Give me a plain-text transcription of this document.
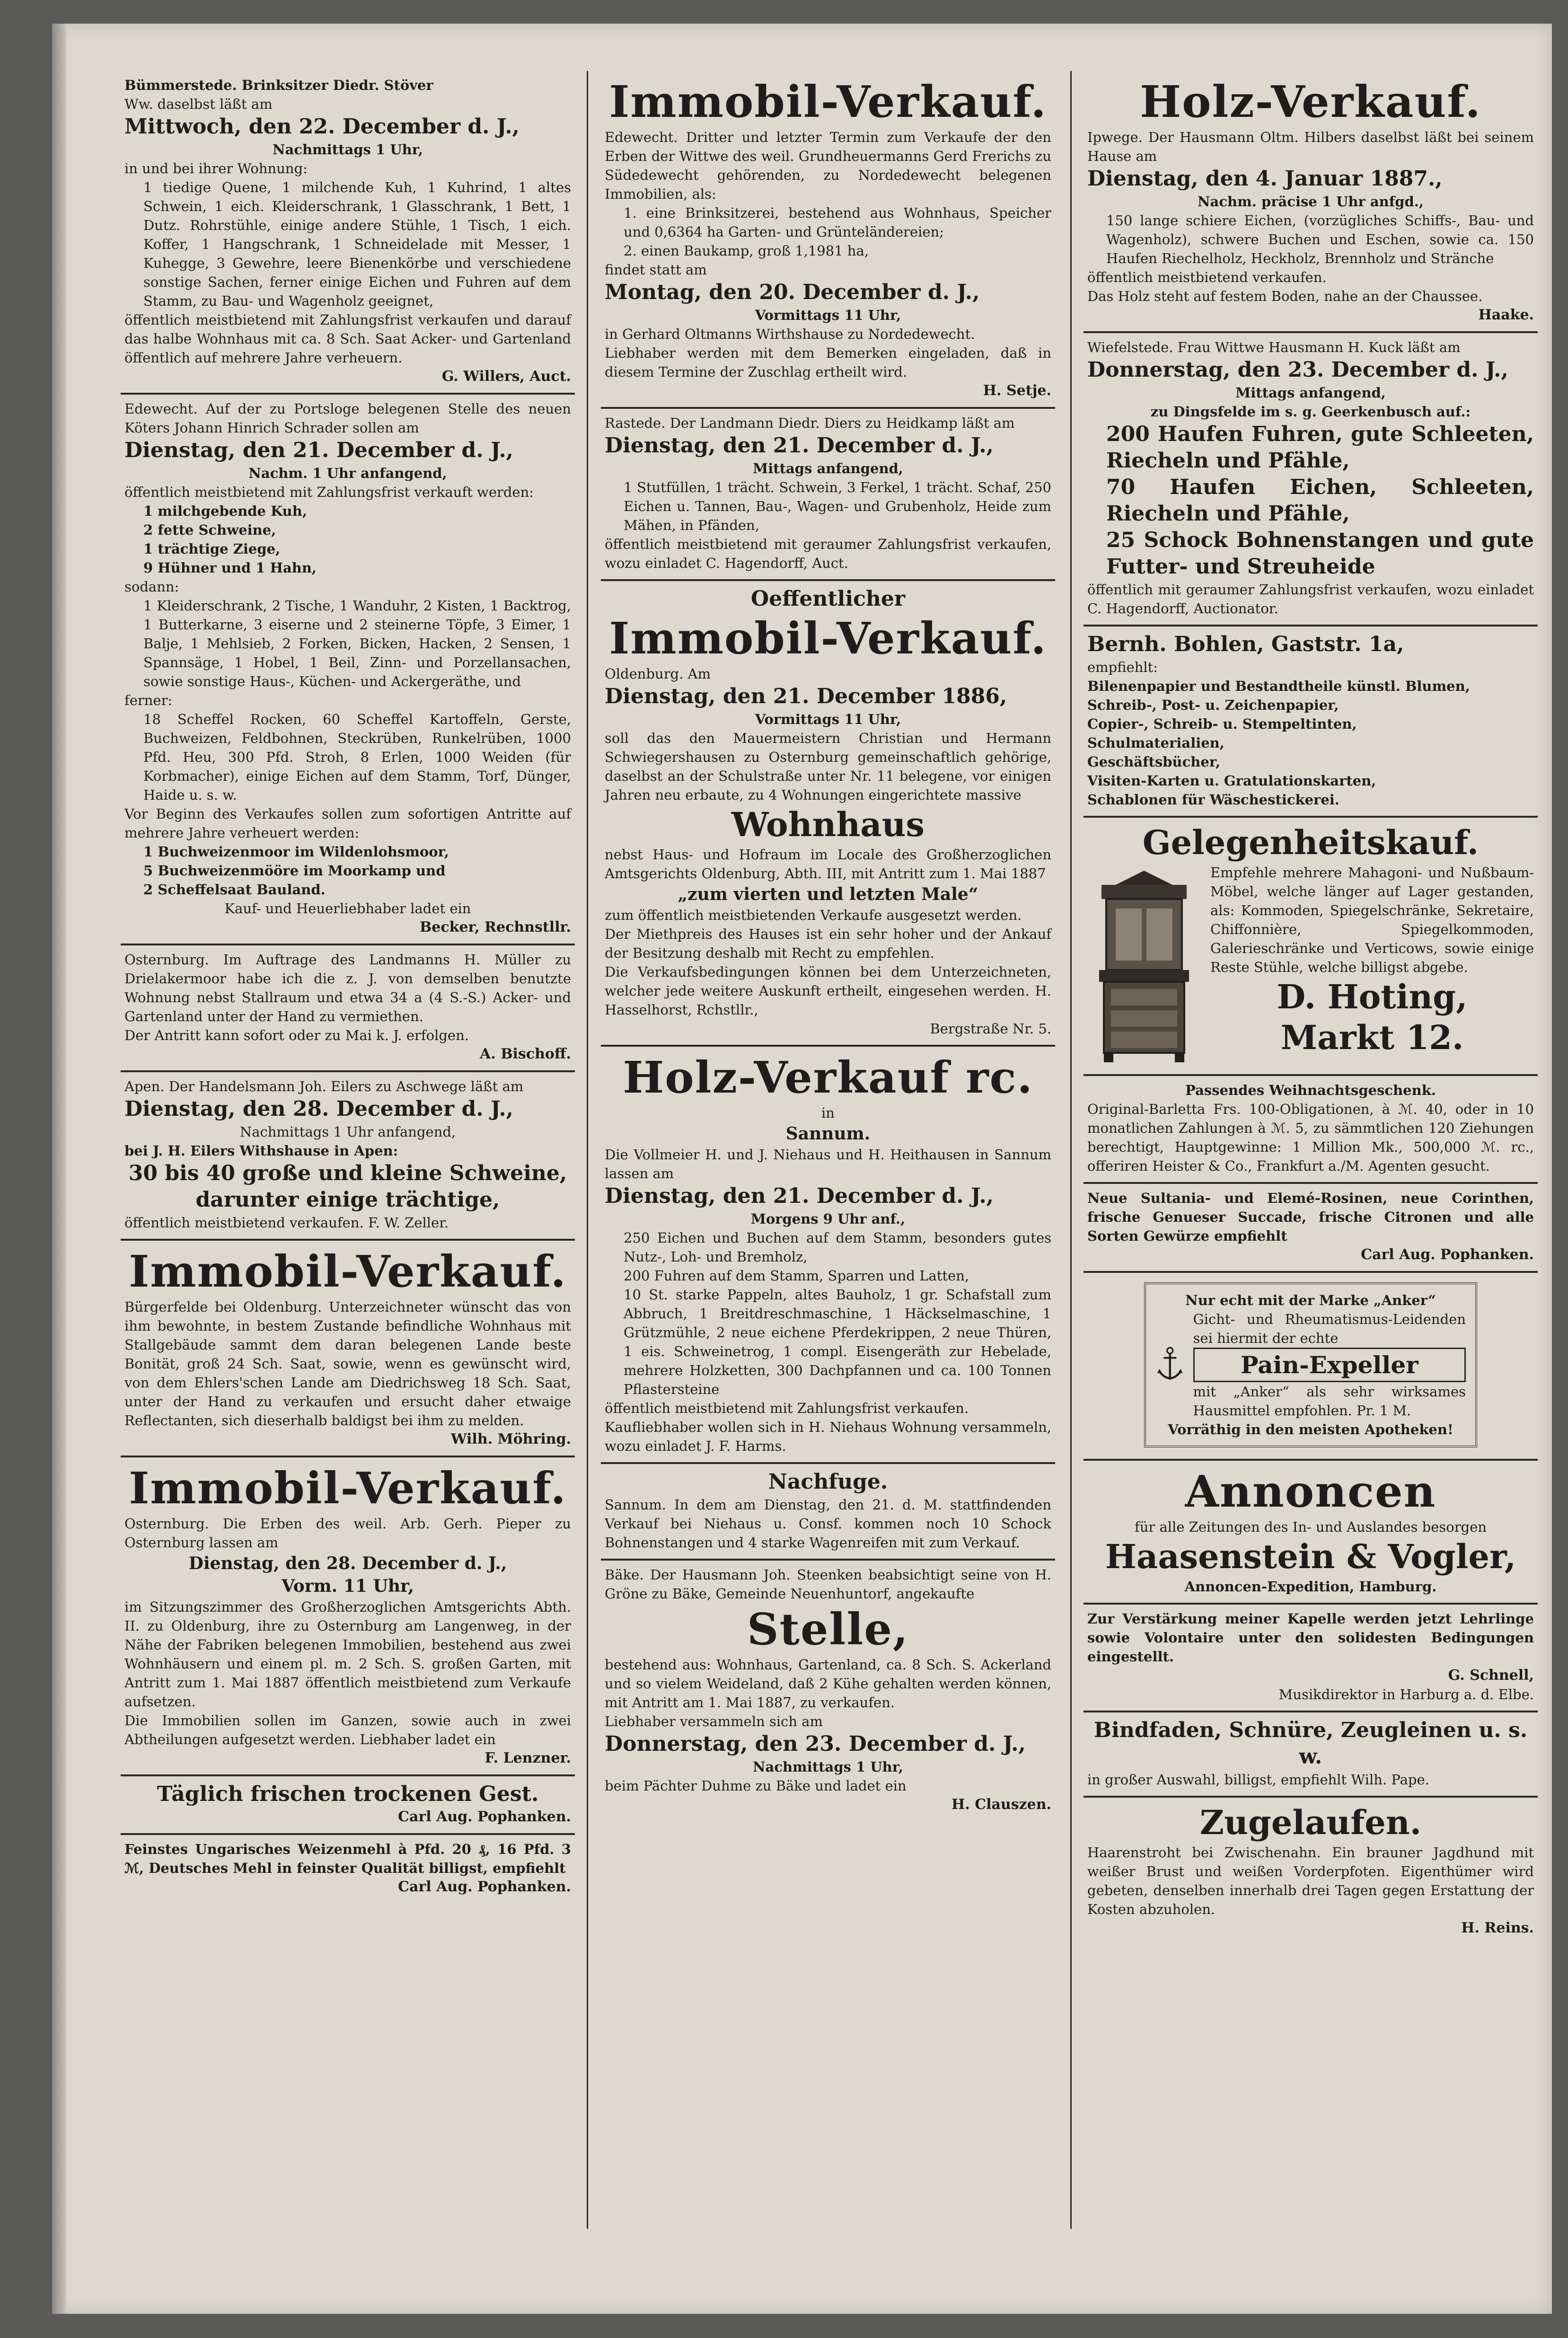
Bümmerstede. Brinksitzer Diedr. Stöver

Ww. daselbst läßt am

Mittwoch, den 22. December d. J.,

Nachmittags 1 Uhr,

in und bei ihrer Wohnung:

1 tiedige Quene, 1 milchende Kuh, 1 Kuhrind, 1 altes Schwein, 1 eich. Kleiderschrank, 1 Glasschrank, 1 Bett, 1 Dutz. Rohrstühle, einige andere Stühle, 1 Tisch, 1 eich. Koffer, 1 Hangschrank, 1 Schneidelade mit Messer, 1 Kuhegge, 3 Gewehre, leere Bienenkörbe und verschiedene sonstige Sachen, ferner einige Eichen und Fuhren auf dem Stamm, zu Bau- und Wagenholz geeignet,

öffentlich meistbietend mit Zahlungsfrist verkaufen und darauf das halbe Wohnhaus mit ca. 8 Sch. Saat Acker- und Gartenland öffentlich auf mehrere Jahre verheuern.

G. Willers, Auct.

Edewecht. Auf der zu Portsloge belegenen Stelle des neuen Köters Johann Hinrich Schrader sollen am

Dienstag, den 21. December d. J.,

Nachm. 1 Uhr anfangend,

öffentlich meistbietend mit Zahlungsfrist verkauft werden:

1 milchgebende Kuh,

2 fette Schweine,

1 trächtige Ziege,

9 Hühner und 1 Hahn,

sodann:

1 Kleiderschrank, 2 Tische, 1 Wanduhr, 2 Kisten, 1 Backtrog, 1 Butterkarne, 3 eiserne und 2 steinerne Töpfe, 3 Eimer, 1 Balje, 1 Mehlsieb, 2 Forken, Bicken, Hacken, 2 Sensen, 1 Spannsäge, 1 Hobel, 1 Beil, Zinn- und Porzellansachen, sowie sonstige Haus-, Küchen- und Ackergeräthe, und

ferner:

18 Scheffel Rocken, 60 Scheffel Kartoffeln, Gerste, Buchweizen, Feldbohnen, Steckrüben, Runkelrüben, 1000 Pfd. Heu, 300 Pfd. Stroh, 8 Erlen, 1000 Weiden (für Korbmacher), einige Eichen auf dem Stamm, Torf, Dünger, Haide u. s. w.

Vor Beginn des Verkaufes sollen zum sofortigen Antritte auf mehrere Jahre verheuert werden:

1 Buchweizenmoor im Wildenlohsmoor,

5 Buchweizenmööre im Moorkamp und

2 Scheffelsaat Bauland.

Kauf- und Heuerliebhaber ladet ein

Becker, Rechnstllr.

Osternburg. Im Auftrage des Landmanns H. Müller zu Drielakermoor habe ich die z. J. von demselben benutzte Wohnung nebst Stallraum und etwa 34 a (4 S.-S.) Acker- und Gartenland unter der Hand zu vermiethen.

Der Antritt kann sofort oder zu Mai k. J. erfolgen.

A. Bischoff.

Apen. Der Handelsmann Joh. Eilers zu Aschwege läßt am

Dienstag, den 28. December d. J.,

Nachmittags 1 Uhr anfangend,

bei J. H. Eilers Withshause in Apen:

30 bis 40 große und kleine Schweine,

darunter einige trächtige,

öffentlich meistbietend verkaufen. F. W. Zeller.

Immobil-Verkauf.

Bürgerfelde bei Oldenburg. Unterzeichneter wünscht das von ihm bewohnte, in bestem Zustande befindliche Wohnhaus mit Stallgebäude sammt dem daran belegenen Lande beste Bonität, groß 24 Sch. Saat, sowie, wenn es gewünscht wird, von dem Ehlers'schen Lande am Diedrichsweg 18 Sch. Saat, unter der Hand zu verkaufen und ersucht daher etwaige Reflectanten, sich dieserhalb baldigst bei ihm zu melden.

Wilh. Möhring.

Immobil-Verkauf.

Osternburg. Die Erben des weil. Arb. Gerh. Pieper zu Osternburg lassen am

Dienstag, den 28. December d. J.,

Vorm. 11 Uhr,

im Sitzungszimmer des Großherzoglichen Amtsgerichts Abth. II. zu Oldenburg, ihre zu Osternburg am Langenweg, in der Nähe der Fabriken belegenen Immobilien, bestehend aus zwei Wohnhäusern und einem pl. m. 2 Sch. S. großen Garten, mit Antritt zum 1. Mai 1887 öffentlich meistbietend zum Verkaufe aufsetzen.

Die Immobilien sollen im Ganzen, sowie auch in zwei Abtheilungen aufgesetzt werden. Liebhaber ladet ein

F. Lenzner.

Täglich frischen trockenen Gest.

Carl Aug. Pophanken.

Feinstes Ungarisches Weizenmehl à Pfd. 20 ₰, 16 Pfd. 3 ℳ, Deutsches Mehl in feinster Qualität billigst, empfiehlt

Carl Aug. Pophanken.

Immobil-Verkauf.

Edewecht. Dritter und letzter Termin zum Verkaufe der den Erben der Wittwe des weil. Grundheuermanns Gerd Frerichs zu Südedewecht gehörenden, zu Nordedewecht belegenen Immobilien, als:

1. eine Brinksitzerei, bestehend aus Wohnhaus, Speicher und 0,6364 ha Garten- und Grünteländereien;

2. einen Baukamp, groß 1,1981 ha,

findet statt am

Montag, den 20. December d. J.,

Vormittags 11 Uhr,

in Gerhard Oltmanns Wirthshause zu Nordedewecht.

Liebhaber werden mit dem Bemerken eingeladen, daß in diesem Termine der Zuschlag ertheilt wird.

H. Setje.

Rastede. Der Landmann Diedr. Diers zu Heidkamp läßt am

Dienstag, den 21. December d. J.,

Mittags anfangend,

1 Stutfüllen, 1 trächt. Schwein, 3 Ferkel, 1 trächt. Schaf, 250 Eichen u. Tannen, Bau-, Wagen- und Grubenholz, Heide zum Mähen, in Pfänden,

öffentlich meistbietend mit geraumer Zahlungsfrist verkaufen, wozu einladet C. Hagendorff, Auct.

Oeffentlicher

Immobil-Verkauf.

Oldenburg. Am

Dienstag, den 21. December 1886,

Vormittags 11 Uhr,

soll das den Mauermeistern Christian und Hermann Schwiegershausen zu Osternburg gemeinschaftlich gehörige, daselbst an der Schulstraße unter Nr. 11 belegene, vor einigen Jahren neu erbaute, zu 4 Wohnungen eingerichtete massive

Wohnhaus

nebst Haus- und Hofraum im Locale des Großherzoglichen Amtsgerichts Oldenburg, Abth. III, mit Antritt zum 1. Mai 1887

„zum vierten und letzten Male“

zum öffentlich meistbietenden Verkaufe ausgesetzt werden.

Der Miethpreis des Hauses ist ein sehr hoher und der Ankauf der Besitzung deshalb mit Recht zu empfehlen.

Die Verkaufsbedingungen können bei dem Unterzeichneten, welcher jede weitere Auskunft ertheilt, eingesehen werden. H. Hasselhorst, Rchstllr.,

Bergstraße Nr. 5.

Holz-Verkauf rc.

in

Sannum.

Die Vollmeier H. und J. Niehaus und H. Heithausen in Sannum lassen am

Dienstag, den 21. December d. J.,

Morgens 9 Uhr anf.,

250 Eichen und Buchen auf dem Stamm, besonders gutes Nutz-, Loh- und Bremholz,

200 Fuhren auf dem Stamm, Sparren und Latten,

10 St. starke Pappeln, altes Bauholz, 1 gr. Schafstall zum Abbruch, 1 Breitdreschmaschine, 1 Häckselmaschine, 1 Grützmühle, 2 neue eichene Pferdekrippen, 2 neue Thüren, 1 eis. Schweinetrog, 1 compl. Eisengeräth zur Hebelade, mehrere Holzketten, 300 Dachpfannen und ca. 100 Tonnen Pflastersteine

öffentlich meistbietend mit Zahlungsfrist verkaufen.

Kaufliebhaber wollen sich in H. Niehaus Wohnung versammeln, wozu einladet J. F. Harms.

Nachfuge.

Sannum. In dem am Dienstag, den 21. d. M. stattfindenden Verkauf bei Niehaus u. Consf. kommen noch 10 Schock Bohnenstangen und 4 starke Wagenreifen mit zum Verkauf.

Bäke. Der Hausmann Joh. Steenken beabsichtigt seine von H. Gröne zu Bäke, Gemeinde Neuenhuntorf, angekaufte

Stelle,

bestehend aus: Wohnhaus, Gartenland, ca. 8 Sch. S. Ackerland und so vielem Weideland, daß 2 Kühe gehalten werden können, mit Antritt am 1. Mai 1887, zu verkaufen.

Liebhaber versammeln sich am

Donnerstag, den 23. December d. J.,

Nachmittags 1 Uhr,

beim Pächter Duhme zu Bäke und ladet ein

H. Clauszen.

Holz-Verkauf.

Ipwege. Der Hausmann Oltm. Hilbers daselbst läßt bei seinem Hause am

Dienstag, den 4. Januar 1887.,

Nachm. präcise 1 Uhr anfgd.,

150 lange schiere Eichen, (vorzügliches Schiffs-, Bau- und Wagenholz), schwere Buchen und Eschen, sowie ca. 150 Haufen Riechelholz, Heckholz, Brennholz und Stränche

öffentlich meistbietend verkaufen.

Das Holz steht auf festem Boden, nahe an der Chaussee.

Haake.

Wiefelstede. Frau Wittwe Hausmann H. Kuck läßt am

Donnerstag, den 23. December d. J.,

Mittags anfangend,

zu Dingsfelde im s. g. Geerkenbusch auf.:

200 Haufen Fuhren, gute Schleeten, Riecheln und Pfähle,

70 Haufen Eichen, Schleeten, Riecheln und Pfähle,

25 Schock Bohnenstangen und gute Futter- und Streuheide

öffentlich mit geraumer Zahlungsfrist verkaufen, wozu einladet C. Hagendorff, Auctionator.

Bernh. Bohlen, Gaststr. 1a,

empfiehlt:

Bilenenpapier und Bestandtheile künstl. Blumen,

Schreib-, Post- u. Zeichenpapier,

Copier-, Schreib- u. Stempeltinten,

Schulmaterialien,

Geschäftsbücher,

Visiten-Karten u. Gratulationskarten,

Schablonen für Wäschestickerei.

Gelegenheitskauf.

Empfehle mehrere Mahagoni- und Nußbaum-Möbel, welche länger auf Lager gestanden, als: Kommoden, Spiegelschränke, Sekretaire, Chiffonnière, Spiegelkommoden, Galerieschränke und Verticows, sowie einige Reste Stühle, welche billigst abgebe.

D. Hoting,

Markt 12.

Passendes Weihnachtsgeschenk.

Original-Barletta Frs. 100-Obligationen, à ℳ. 40, oder in 10 monatlichen Zahlungen à ℳ. 5, zu sämmtlichen 120 Ziehungen berechtigt, Hauptgewinne: 1 Million Mk., 500,000 ℳ. rc., offeriren Heister & Co., Frankfurt a./M. Agenten gesucht.

Neue Sultania- und Elemé-Rosinen, neue Corinthen, frische Genueser Succade, frische Citronen und alle Sorten Gewürze empfiehlt

Carl Aug. Pophanken.

Nur echt mit der Marke „Anker“

Gicht- und Rheumatismus-Leidenden sei hiermit der echte

Pain-Expeller

mit „Anker“ als sehr wirksames Hausmittel empfohlen. Pr. 1 M.

Vorräthig in den meisten Apotheken!

Annoncen

für alle Zeitungen des In- und Auslandes besorgen

Haasenstein & Vogler,

Annoncen-Expedition, Hamburg.

Zur Verstärkung meiner Kapelle werden jetzt Lehrlinge sowie Volontaire unter den solidesten Bedingungen eingestellt.

G. Schnell,

Musikdirektor in Harburg a. d. Elbe.

Bindfaden, Schnüre, Zeugleinen u. s. w.

in großer Auswahl, billigst, empfiehlt Wilh. Pape.

Zugelaufen.

Haarenstroht bei Zwischenahn. Ein brauner Jagdhund mit weißer Brust und weißen Vorderpfoten. Eigenthümer wird gebeten, denselben innerhalb drei Tagen gegen Erstattung der Kosten abzuholen.

H. Reins.
